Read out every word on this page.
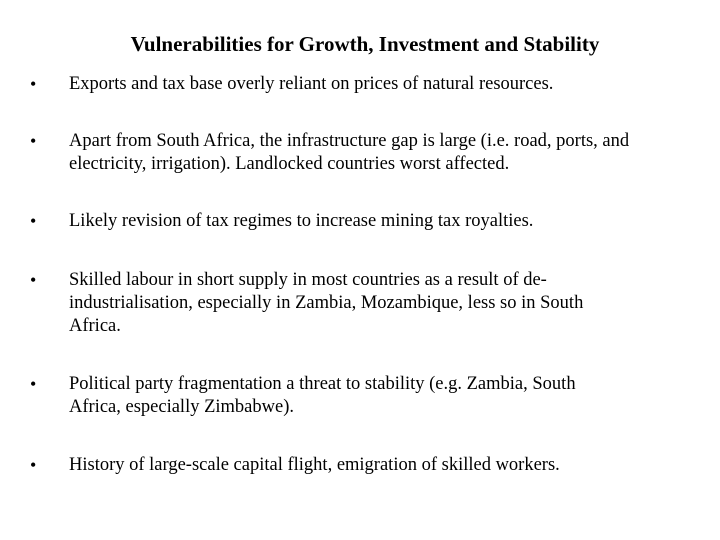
Vulnerabilities for Growth, Investment and Stability
•	Exports and tax base overly reliant on prices of natural resources.
•	Apart from South Africa, the infrastructure gap is large (i.e. road, ports, and
electricity, irrigation). Landlocked countries worst affected.
•	Likely revision of tax regimes to increase mining tax royalties.
•	Skilled labour in short supply in most countries as a result of de-
industrialisation, especially in Zambia, Mozambique, less so in South
Africa.
•	Political party fragmentation a threat to stability (e.g. Zambia, South
Africa, especially Zimbabwe).
•	History of large-scale capital flight, emigration of skilled workers.
